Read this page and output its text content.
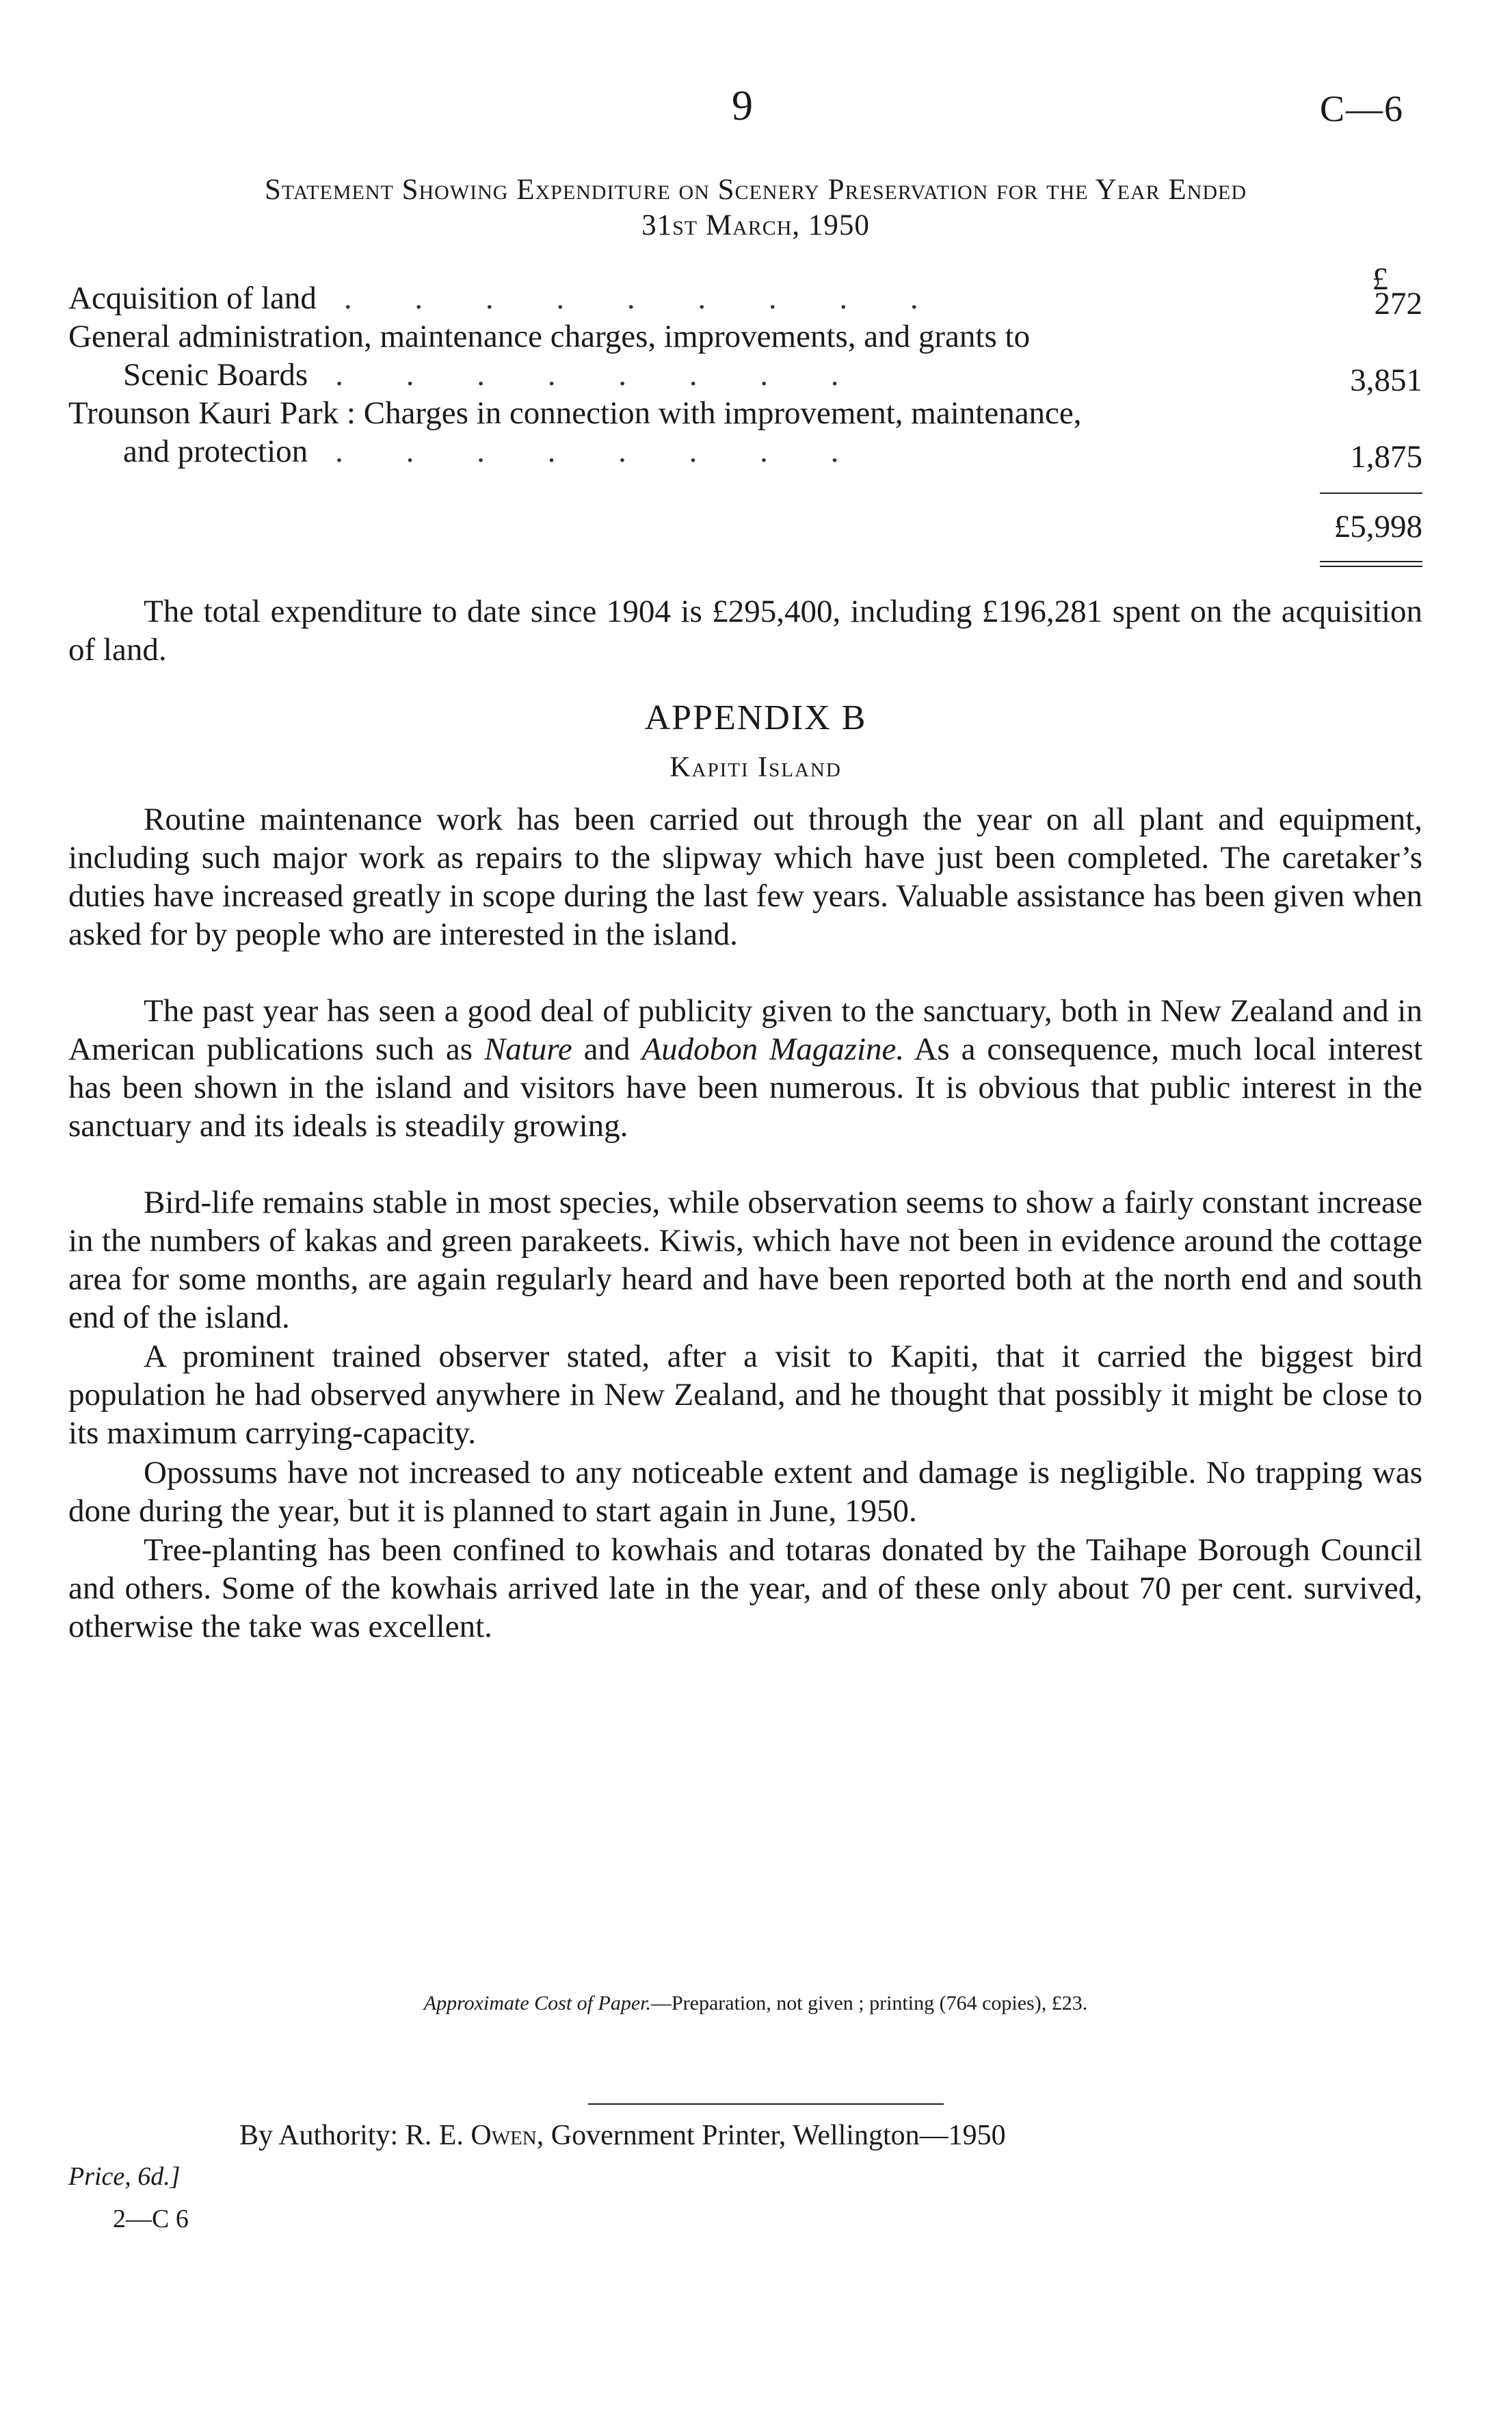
9	C—6
Statement Showing Expenditure on Scenery Preservation for the Year Ended
31st March, 1950
£
Acquisition of land . . . . . . . . .	272
General administration, maintenance charges, improvements, and grants to
Scenic Boards . . . . . . . .	3,851
Trounson Kauri Park : Charges in connection with improvement, maintenance,
and protection . . . . . . . .	1,875
£5,998
The total expenditure to date since 1904 is £295,400, including £196,281 spent on the acquisition of land.
APPENDIX B
Kapiti Island
Routine maintenance work has been carried out through the year on all plant and equipment, including such major work as repairs to the slipway which have just been completed. The caretaker’s duties have increased greatly in scope during the last few years. Valuable assistance has been given when asked for by people who are interested in the island.
The past year has seen a good deal of publicity given to the sanctuary, both in New Zealand and in American publications such as Nature and Audobon Magazine. As a consequence, much local interest has been shown in the island and visitors have been numerous. It is obvious that public interest in the sanctuary and its ideals is steadily growing.
Bird-life remains stable in most species, while observation seems to show a fairly constant increase in the numbers of kakas and green parakeets. Kiwis, which have not been in evidence around the cottage area for some months, are again regularly heard and have been reported both at the north end and south end of the island.
A prominent trained observer stated, after a visit to Kapiti, that it carried the biggest bird population he had observed anywhere in New Zealand, and he thought that possibly it might be close to its maximum carrying-capacity.
Opossums have not increased to any noticeable extent and damage is negligible. No trapping was done during the year, but it is planned to start again in June, 1950.
Tree-planting has been confined to kowhais and totaras donated by the Taihape Borough Council and others. Some of the kowhais arrived late in the year, and of these only about 70 per cent. survived, otherwise the take was excellent.
Approximate Cost of Paper.—Preparation, not given ; printing (764 copies), £23.
By Authority: R. E. Owen, Government Printer, Wellington—1950
Price, 6d.]
2—C 6
